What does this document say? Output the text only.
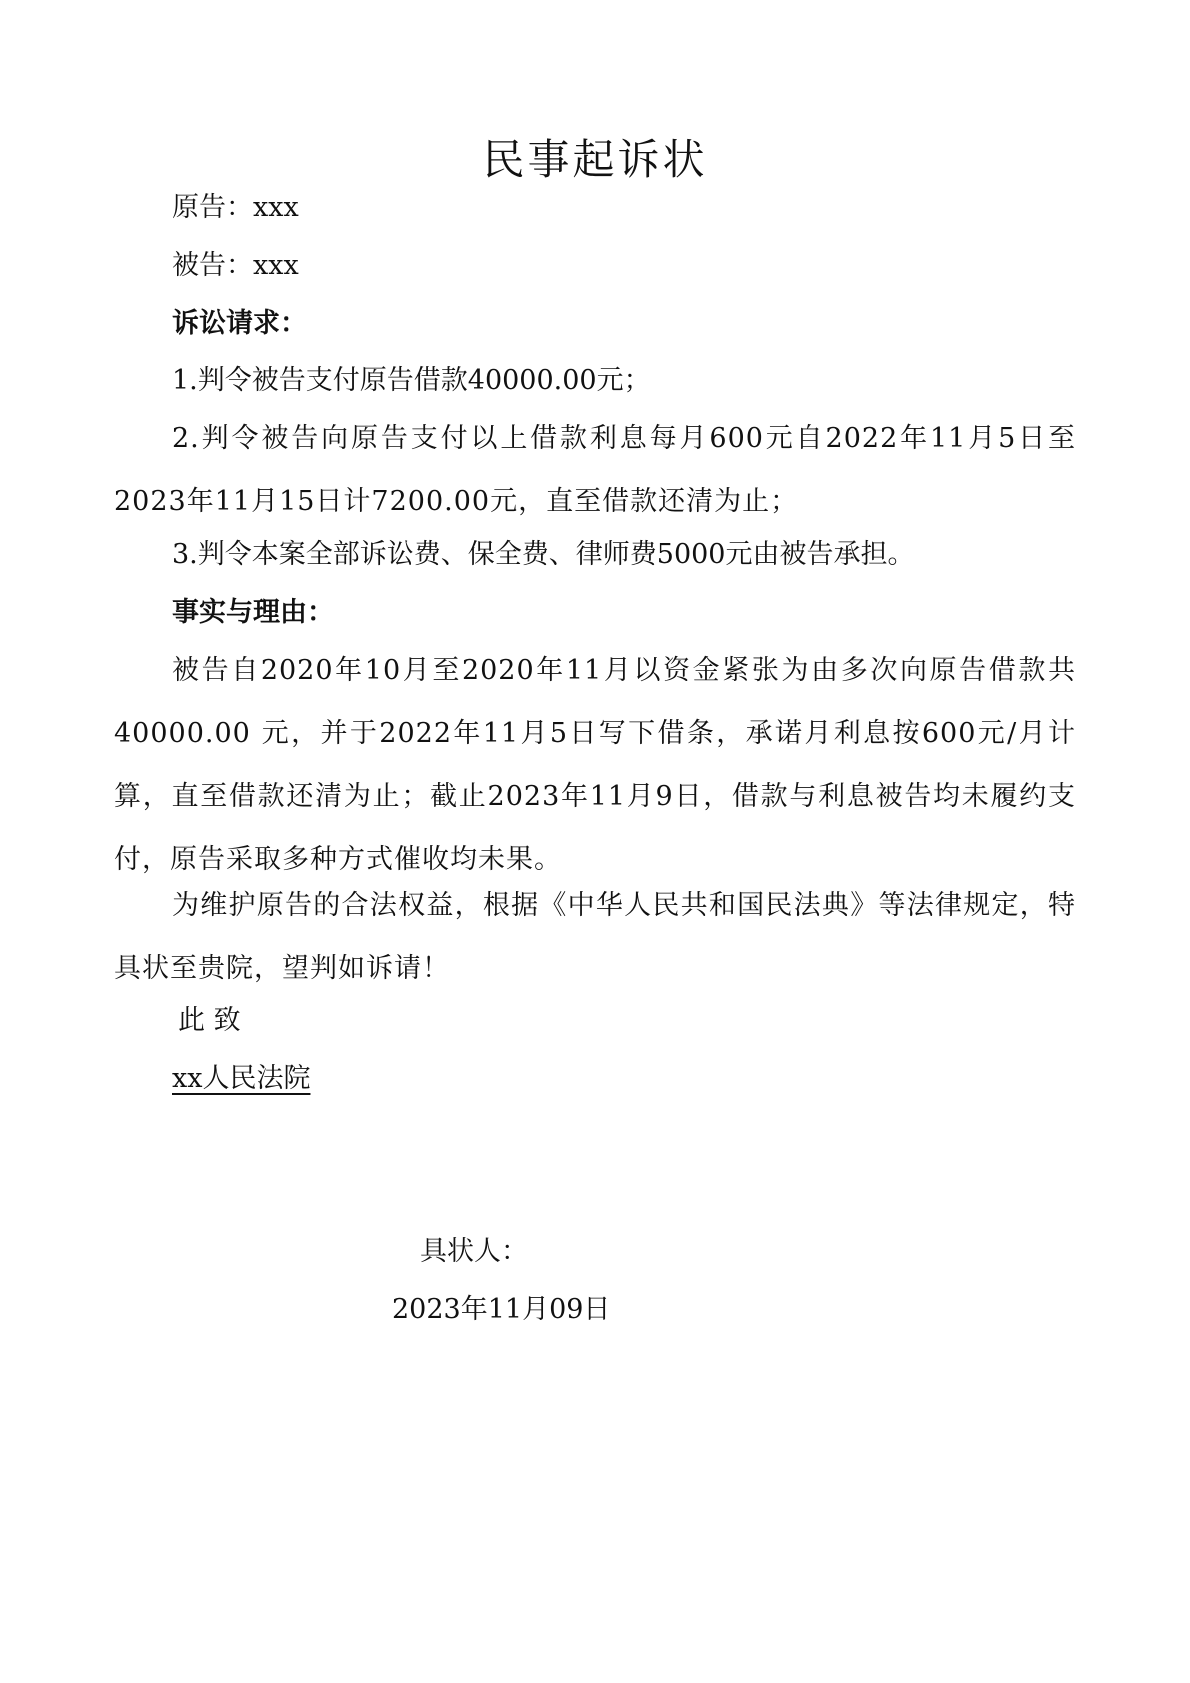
民事起诉状

原告：xxx

被告：xxx

诉讼请求：

1.判令被告支付原告借款40000.00元；

2.判令被告向原告支付以上借款利息每月600元自2022年11月5日至2023年11月15日计7200.00元，直至借款还清为止；

3.判令本案全部诉讼费、保全费、律师费5000元由被告承担。

事实与理由：

被告自2020年10月至2020年11月以资金紧张为由多次向原告借款共40000.00 元，并于2022年11月5日写下借条，承诺月利息按600元/月计算，直至借款还清为止；截止2023年11月9日，借款与利息被告均未履约支付，原告采取多种方式催收均未果。

为维护原告的合法权益，根据《中华人民共和国民法典》等法律规定，特具状至贵院，望判如诉请！

此 致

xx人民法院

具状人：

2023年11月09日
